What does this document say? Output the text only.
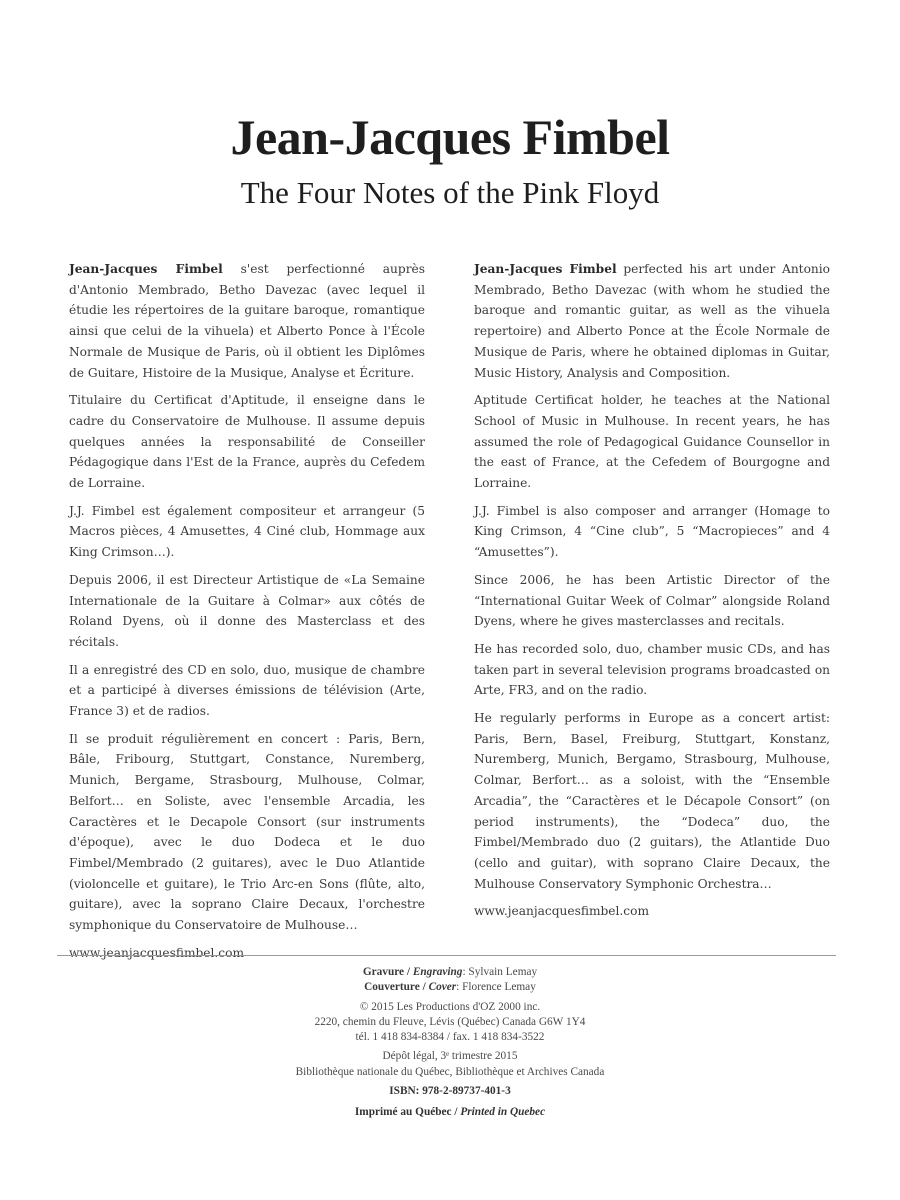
Jean-Jacques Fimbel
The Four Notes of the Pink Floyd

Jean-Jacques Fimbel s'est perfectionné auprès d'Antonio Membrado, Betho Davezac (avec lequel il étudie les répertoires de la guitare baroque, romantique ainsi que celui de la vihuela) et Alberto Ponce à l'École Normale de Musique de Paris, où il obtient les Diplômes de Guitare, Histoire de la Musique, Analyse et Écriture.

Titulaire du Certificat d'Aptitude, il enseigne dans le cadre du Conservatoire de Mulhouse. Il assume depuis quelques années la responsabilité de Conseiller Pédagogique dans l'Est de la France, auprès du Cefedem de Lorraine.

J.J. Fimbel est également compositeur et arrangeur (5 Macros pièces, 4 Amusettes, 4 Ciné club, Hommage aux King Crimson…).

Depuis 2006, il est Directeur Artistique de «La Semaine Internationale de la Guitare à Colmar» aux côtés de Roland Dyens, où il donne des Masterclass et des récitals.

Il a enregistré des CD en solo, duo, musique de chambre et a participé à diverses émissions de télévision (Arte, France 3) et de radios.

Il se produit régulièrement en concert : Paris, Bern, Bâle, Fribourg, Stuttgart, Constance, Nuremberg, Munich, Bergame, Strasbourg, Mulhouse, Colmar, Belfort… en Soliste, avec l'ensemble Arcadia, les Caractères et le Decapole Consort (sur instruments d'époque), avec le duo Dodeca et le duo Fimbel/Membrado (2 guitares), avec le Duo Atlantide (violoncelle et guitare), le Trio Arc-en Sons (flûte, alto, guitare), avec la soprano Claire Decaux, l'orchestre symphonique du Conservatoire de Mulhouse…

www.jeanjacquesfimbel.com

Jean-Jacques Fimbel perfected his art under Antonio Membrado, Betho Davezac (with whom he studied the baroque and romantic guitar, as well as the vihuela repertoire) and Alberto Ponce at the École Normale de Musique de Paris, where he obtained diplomas in Guitar, Music History, Analysis and Composition.

Aptitude Certificat holder, he teaches at the National School of Music in Mulhouse. In recent years, he has assumed the role of Pedagogical Guidance Counsellor in the east of France, at the Cefedem of Bourgogne and Lorraine.

J.J. Fimbel is also composer and arranger (Homage to King Crimson, 4 “Cine club”, 5 “Macropieces” and 4 “Amusettes”).

Since 2006, he has been Artistic Director of the “International Guitar Week of Colmar” alongside Roland Dyens, where he gives masterclasses and recitals.

He has recorded solo, duo, chamber music CDs, and has taken part in several television programs broadcasted on Arte, FR3, and on the radio.

He regularly performs in Europe as a concert artist: Paris, Bern, Basel, Freiburg, Stuttgart, Konstanz, Nuremberg, Munich, Bergamo, Strasbourg, Mulhouse, Colmar, Berfort… as a soloist, with the “Ensemble Arcadia”, the “Caractères et le Décapole Consort” (on period instruments), the “Dodeca” duo, the Fimbel/Membrado duo (2 guitars), the Atlantide Duo (cello and guitar), with soprano Claire Decaux, the Mulhouse Conservatory Symphonic Orchestra…

www.jeanjacquesfimbel.com

Gravure / Engraving: Sylvain Lemay
Couverture / Cover: Florence Lemay
© 2015 Les Productions d'OZ 2000 inc.
2220, chemin du Fleuve, Lévis (Québec) Canada G6W 1Y4
tél. 1 418 834-8384 / fax. 1 418 834-3522
Dépôt légal, 3ᵉ trimestre 2015
Bibliothèque nationale du Québec, Bibliothèque et Archives Canada
ISBN: 978-2-89737-401-3
Imprimé au Québec / Printed in Quebec
